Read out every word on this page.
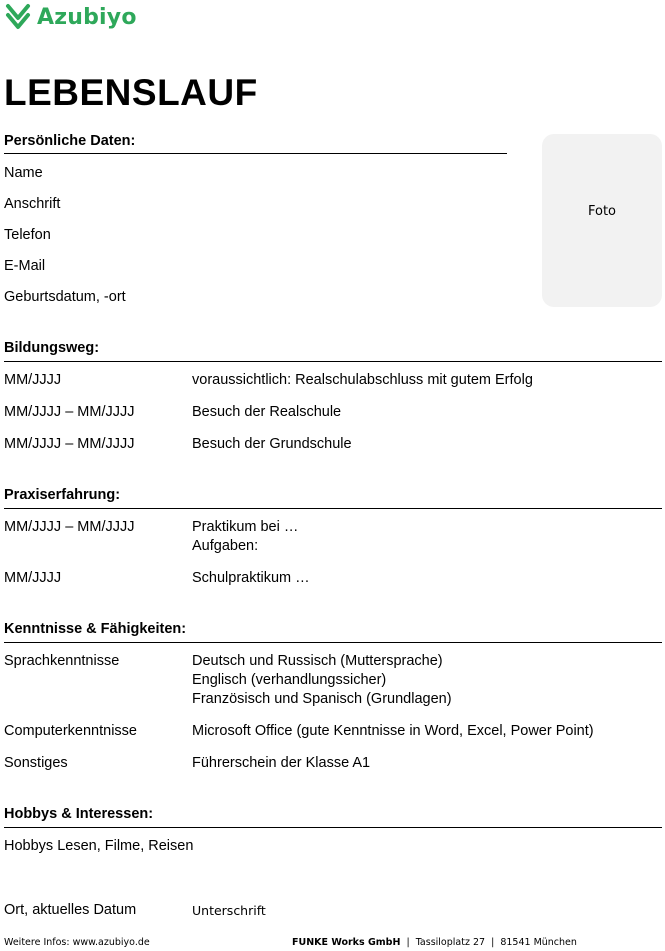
Azubiyo
LEBENSLAUF
Persönliche Daten:
Name
Anschrift
Telefon
E-Mail
Geburtsdatum, -ort
Foto
Bildungsweg:
MM/JJJJ	voraussichtlich: Realschulabschluss mit gutem Erfolg
MM/JJJJ – MM/JJJJ	Besuch der Realschule
MM/JJJJ – MM/JJJJ	Besuch der Grundschule
Praxiserfahrung:
MM/JJJJ – MM/JJJJ	Praktikum bei …
Aufgaben:
MM/JJJJ	Schulpraktikum …
Kenntnisse & Fähigkeiten:
Sprachkenntnisse	Deutsch und Russisch (Muttersprache)
Englisch (verhandlungssicher)
Französisch und Spanisch (Grundlagen)
Computerkenntnisse	Microsoft Office (gute Kenntnisse in Word, Excel, Power Point)
Sonstiges	Führerschein der Klasse A1
Hobbys & Interessen:
Hobbys Lesen, Filme, Reisen
Ort, aktuelles Datum	Unterschrift
Weitere Infos: www.azubiyo.de	FUNKE Works GmbH  |  Tassiloplatz 27  |  81541 München
